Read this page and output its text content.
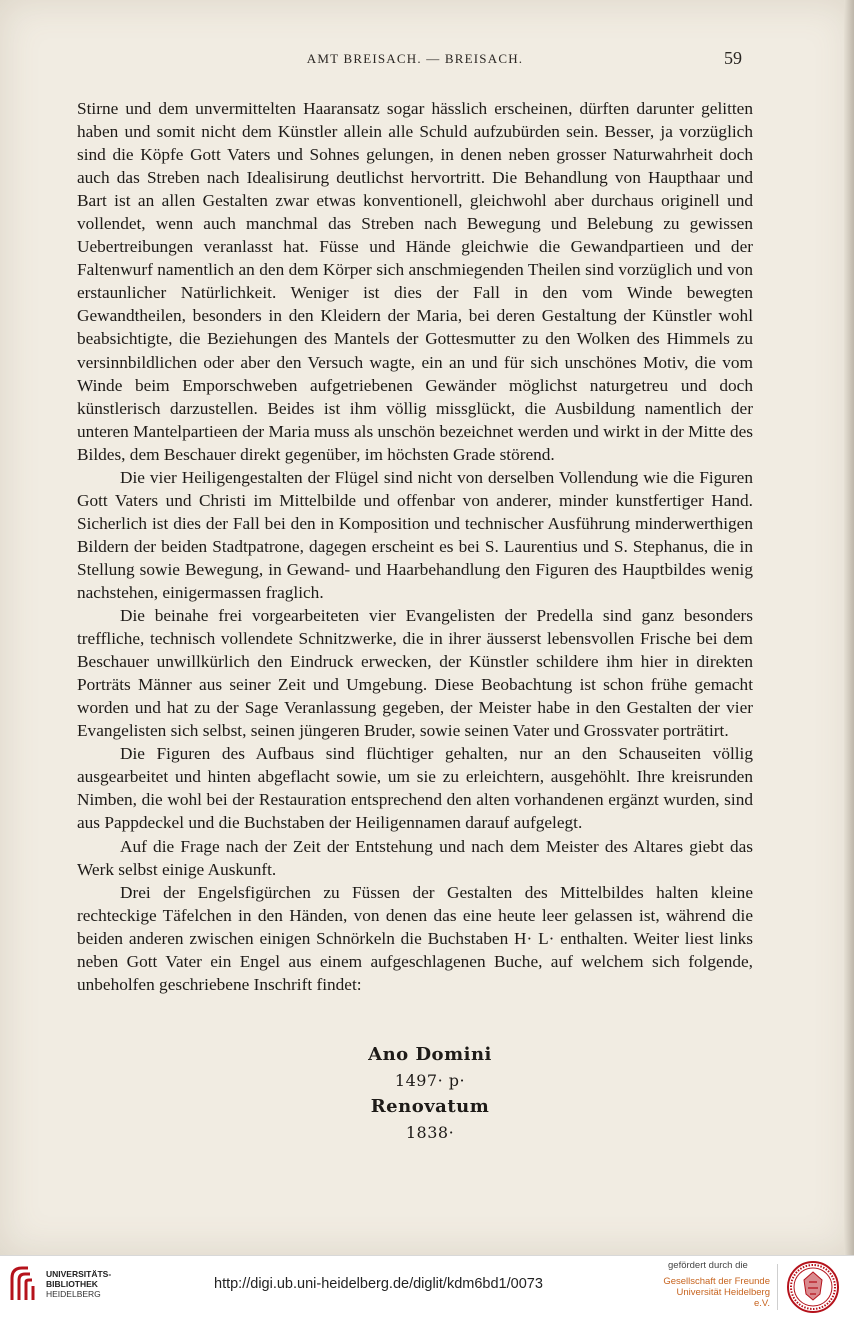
AMT BREISACH. — BREISACH.	59

Stirne und dem unvermittelten Haaransatz sogar hässlich erscheinen, dürften darunter gelitten haben und somit nicht dem Künstler allein alle Schuld aufzubürden sein. Besser, ja vorzüglich sind die Köpfe Gott Vaters und Sohnes gelungen, in denen neben grosser Naturwahrheit doch auch das Streben nach Idealisirung deutlichst hervortritt. Die Behandlung von Haupthaar und Bart ist an allen Gestalten zwar etwas konventionell, gleichwohl aber durchaus originell und vollendet, wenn auch manchmal das Streben nach Bewegung und Belebung zu gewissen Uebertreibungen veranlasst hat. Füsse und Hände gleichwie die Gewandpartieen und der Faltenwurf namentlich an den dem Körper sich anschmiegenden Theilen sind vorzüglich und von erstaunlicher Natürlichkeit. Weniger ist dies der Fall in den vom Winde bewegten Gewandtheilen, besonders in den Kleidern der Maria, bei deren Gestaltung der Künstler wohl beabsichtigte, die Beziehungen des Mantels der Gottesmutter zu den Wolken des Himmels zu versinnbildlichen oder aber den Versuch wagte, ein an und für sich unschönes Motiv, die vom Winde beim Emporschweben aufgetriebenen Gewänder möglichst naturgetreu und doch künstlerisch darzustellen. Beides ist ihm völlig missglückt, die Ausbildung namentlich der unteren Mantelpartieen der Maria muss als unschön bezeichnet werden und wirkt in der Mitte des Bildes, dem Beschauer direkt gegenüber, im höchsten Grade störend.

Die vier Heiligengestalten der Flügel sind nicht von derselben Vollendung wie die Figuren Gott Vaters und Christi im Mittelbilde und offenbar von anderer, minder kunstfertiger Hand. Sicherlich ist dies der Fall bei den in Komposition und technischer Ausführung minderwerthigen Bildern der beiden Stadtpatrone, dagegen erscheint es bei S. Laurentius und S. Stephanus, die in Stellung sowie Bewegung, in Gewand- und Haarbehandlung den Figuren des Hauptbildes wenig nachstehen, einigermassen fraglich.

Die beinahe frei vorgearbeiteten vier Evangelisten der Predella sind ganz besonders treffliche, technisch vollendete Schnitzwerke, die in ihrer äusserst lebensvollen Frische bei dem Beschauer unwillkürlich den Eindruck erwecken, der Künstler schildere ihm hier in direkten Porträts Männer aus seiner Zeit und Umgebung. Diese Beobachtung ist schon frühe gemacht worden und hat zu der Sage Veranlassung gegeben, der Meister habe in den Gestalten der vier Evangelisten sich selbst, seinen jüngeren Bruder, sowie seinen Vater und Grossvater porträtirt.

Die Figuren des Aufbaus sind flüchtiger gehalten, nur an den Schauseiten völlig ausgearbeitet und hinten abgeflacht sowie, um sie zu erleichtern, ausgehöhlt. Ihre kreisrunden Nimben, die wohl bei der Restauration entsprechend den alten vorhandenen ergänzt wurden, sind aus Pappdeckel und die Buchstaben der Heiligennamen darauf aufgelegt.

Auf die Frage nach der Zeit der Entstehung und nach dem Meister des Altares giebt das Werk selbst einige Auskunft.

Drei der Engelsfigürchen zu Füssen der Gestalten des Mittelbildes halten kleine rechteckige Täfelchen in den Händen, von denen das eine heute leer gelassen ist, während die beiden anderen zwischen einigen Schnörkeln die Buchstaben H· L· enthalten. Weiter liest links neben Gott Vater ein Engel aus einem aufgeschlagenen Buche, auf welchem sich folgende, unbeholfen geschriebene Inschrift findet:

Ano Domini
1497· p·
Renovatum
1838·
UNIVERSITÄTS-
BIBLIOTHEK
HEIDELBERG
http://digi.ub.uni-heidelberg.de/diglit/kdm6bd1/0073
gefördert durch die
Gesellschaft der Freunde
Universität Heidelberg e.V.
